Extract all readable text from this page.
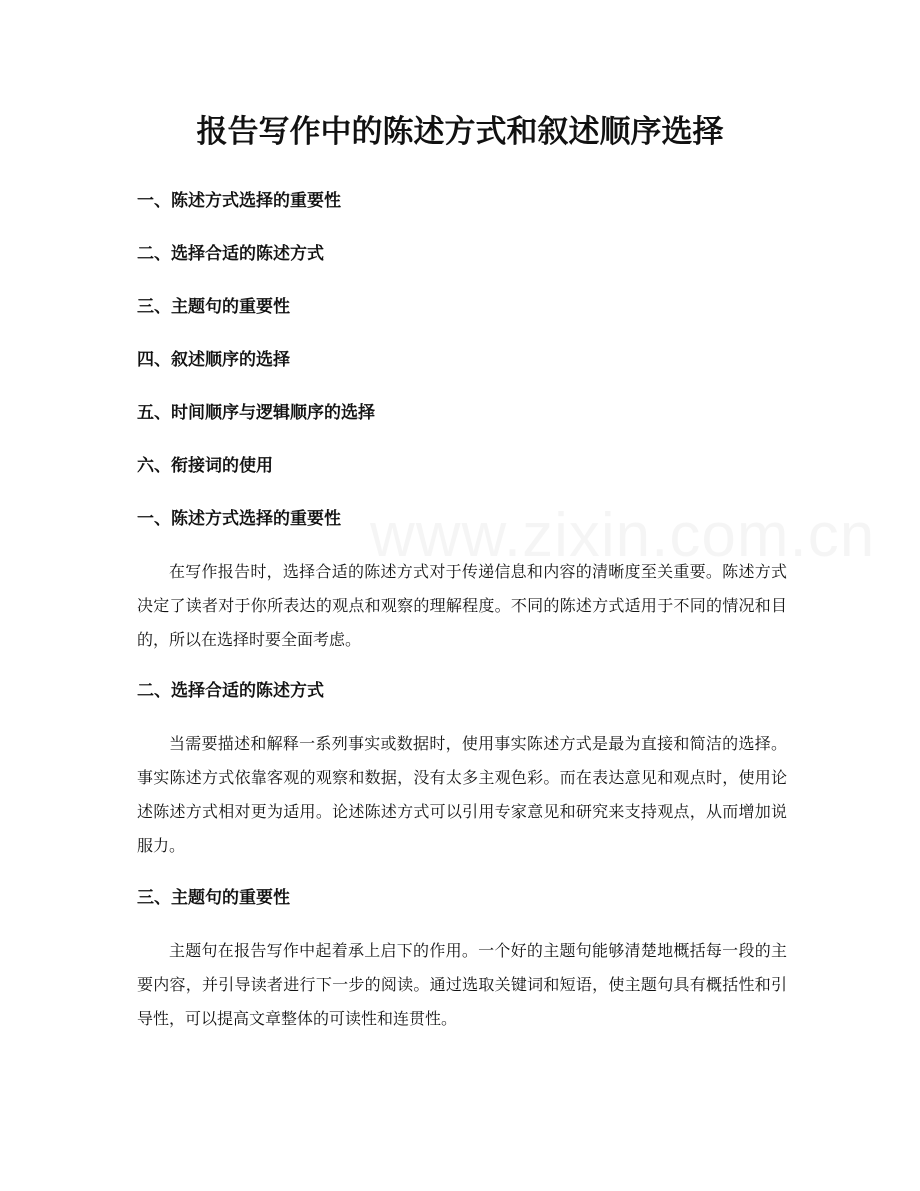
报告写作中的陈述方式和叙述顺序选择
一、陈述方式选择的重要性
二、选择合适的陈述方式
三、主题句的重要性
四、叙述顺序的选择
五、时间顺序与逻辑顺序的选择
六、衔接词的使用
一、陈述方式选择的重要性

在写作报告时，选择合适的陈述方式对于传递信息和内容的清晰度至关重要。陈述方式决定了读者对于你所表达的观点和观察的理解程度。不同的陈述方式适用于不同的情况和目的，所以在选择时要全面考虑。

二、选择合适的陈述方式

当需要描述和解释一系列事实或数据时，使用事实陈述方式是最为直接和简洁的选择。事实陈述方式依靠客观的观察和数据，没有太多主观色彩。而在表达意见和观点时，使用论述陈述方式相对更为适用。论述陈述方式可以引用专家意见和研究来支持观点，从而增加说服力。

三、主题句的重要性

主题句在报告写作中起着承上启下的作用。一个好的主题句能够清楚地概括每一段的主要内容，并引导读者进行下一步的阅读。通过选取关键词和短语，使主题句具有概括性和引导性，可以提高文章整体的可读性和连贯性。
